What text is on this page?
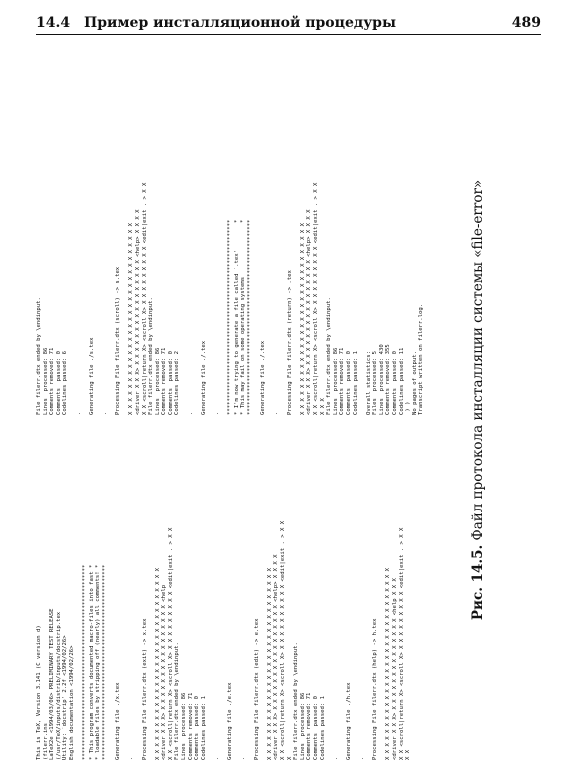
14.4 Пример инсталляционной процедуры	489
This is TeX, Version 3.141 (C version d) (filerr.ins LaTeX2e <1994/03/06> PRELIMINARY TEST RELEASE (/usr/TeX/inputs/distrib/inputs/docstrip.tex Utility: `docstrip' 2.2f <1994/02/26> English documentation <1994/02/26> ********************************************************** * This program converts documented macro-files into fast * * loadable files by stripping off (nearly) all comments! * ********************************************************** Generating file ./x.tex . Processing File filerr.dtx (exit) -> x.tex X X X X X X X X X X X X X X X X X X X X X X X X X X X X X <driver X X X> X X X X X X X X X X X X X X X X <help X X <scroll|return X> <scroll X> X X X X X X X X X <edit|exit . > X X File filerr.dtx ended by \endinput. Lines  processed: 86 Comments removed: 71 Comments  passed: 0 Codelines passed: 1 . Generating file ./e.tex . Processing File filerr.dtx (edit) -> e.tex X X X X X X X X X X X X X X X X X X X X X X X X X X X X X <driver X X X> X X X X X X X X X X X X X X X X <help> X X X X X X <scroll|return X> <scroll X> X X X X X X X X X X <edit|exit . > X X X File filerr.dtx ended by \endinput. Lines  processed: 86 Comments removed: 71 Comments  passed: 0 Codelines passed: 1 . Generating file ./h.tex . Processing File filerr.dtx (help) -> h.tex X X X X X X X X X X X X X X X X X X X X X X X X X X X X X <driver X X X> X X X X X X X X X X X X X X <help X X X X X <scroll|return X> <scroll X> X X X X X X X X X <edit|exit . > X X X X
File filerr.dtx ended by \endinput. Lines  processed: 86 Comments removed: 71 Comments  passed: 0 Codelines passed: 6 . Generating file ./s.tex . Processing File filerr.dtx (scroll) -> s.tex X X X X X X X X X X X X X X X X X X X X X X X X X X X X X <driver X X X> X X X X X X X X X X X X X X X X <help> X X X X X X <scroll|return X> <scroll X> X X X X X X X X X <edit|exit . > X X File filerr.dtx ended by \endinput. Lines  processed: 86 Comments removed: 71 Comments  passed: 0 Codelines passed: 2 . Generating file ./.tex . ********************************************************** * I'm now trying to generate a file called `.tex'        * * This may fail on some operating systems                * ********************************************************** Generating file ./.tex . Processing File filerr.dtx (return) -> .tex X X X X X X X X X X X X X X X X X X X X X X X X X X X X X <driver X X X> X X X X X X X X X X X X X X X X <help> X X X X X X <scroll|return X> <scroll X> X X X X X X X X X <edit|exit . > X X X X X File filerr.dtx ended by \endinput. Lines  processed: 86 Comments removed: 71 Comments  passed: 0 Codelines passed: 1 Overall statistics: Files  processed: 5 Lines  processed: 430 Comments removed: 355 Comments  passed: 0 Codelines passed: 11 ) ) No pages of output. Transcript written on filerr.log.
Рис. 14.5. Файл протокола инсталляции системы «file-error»
